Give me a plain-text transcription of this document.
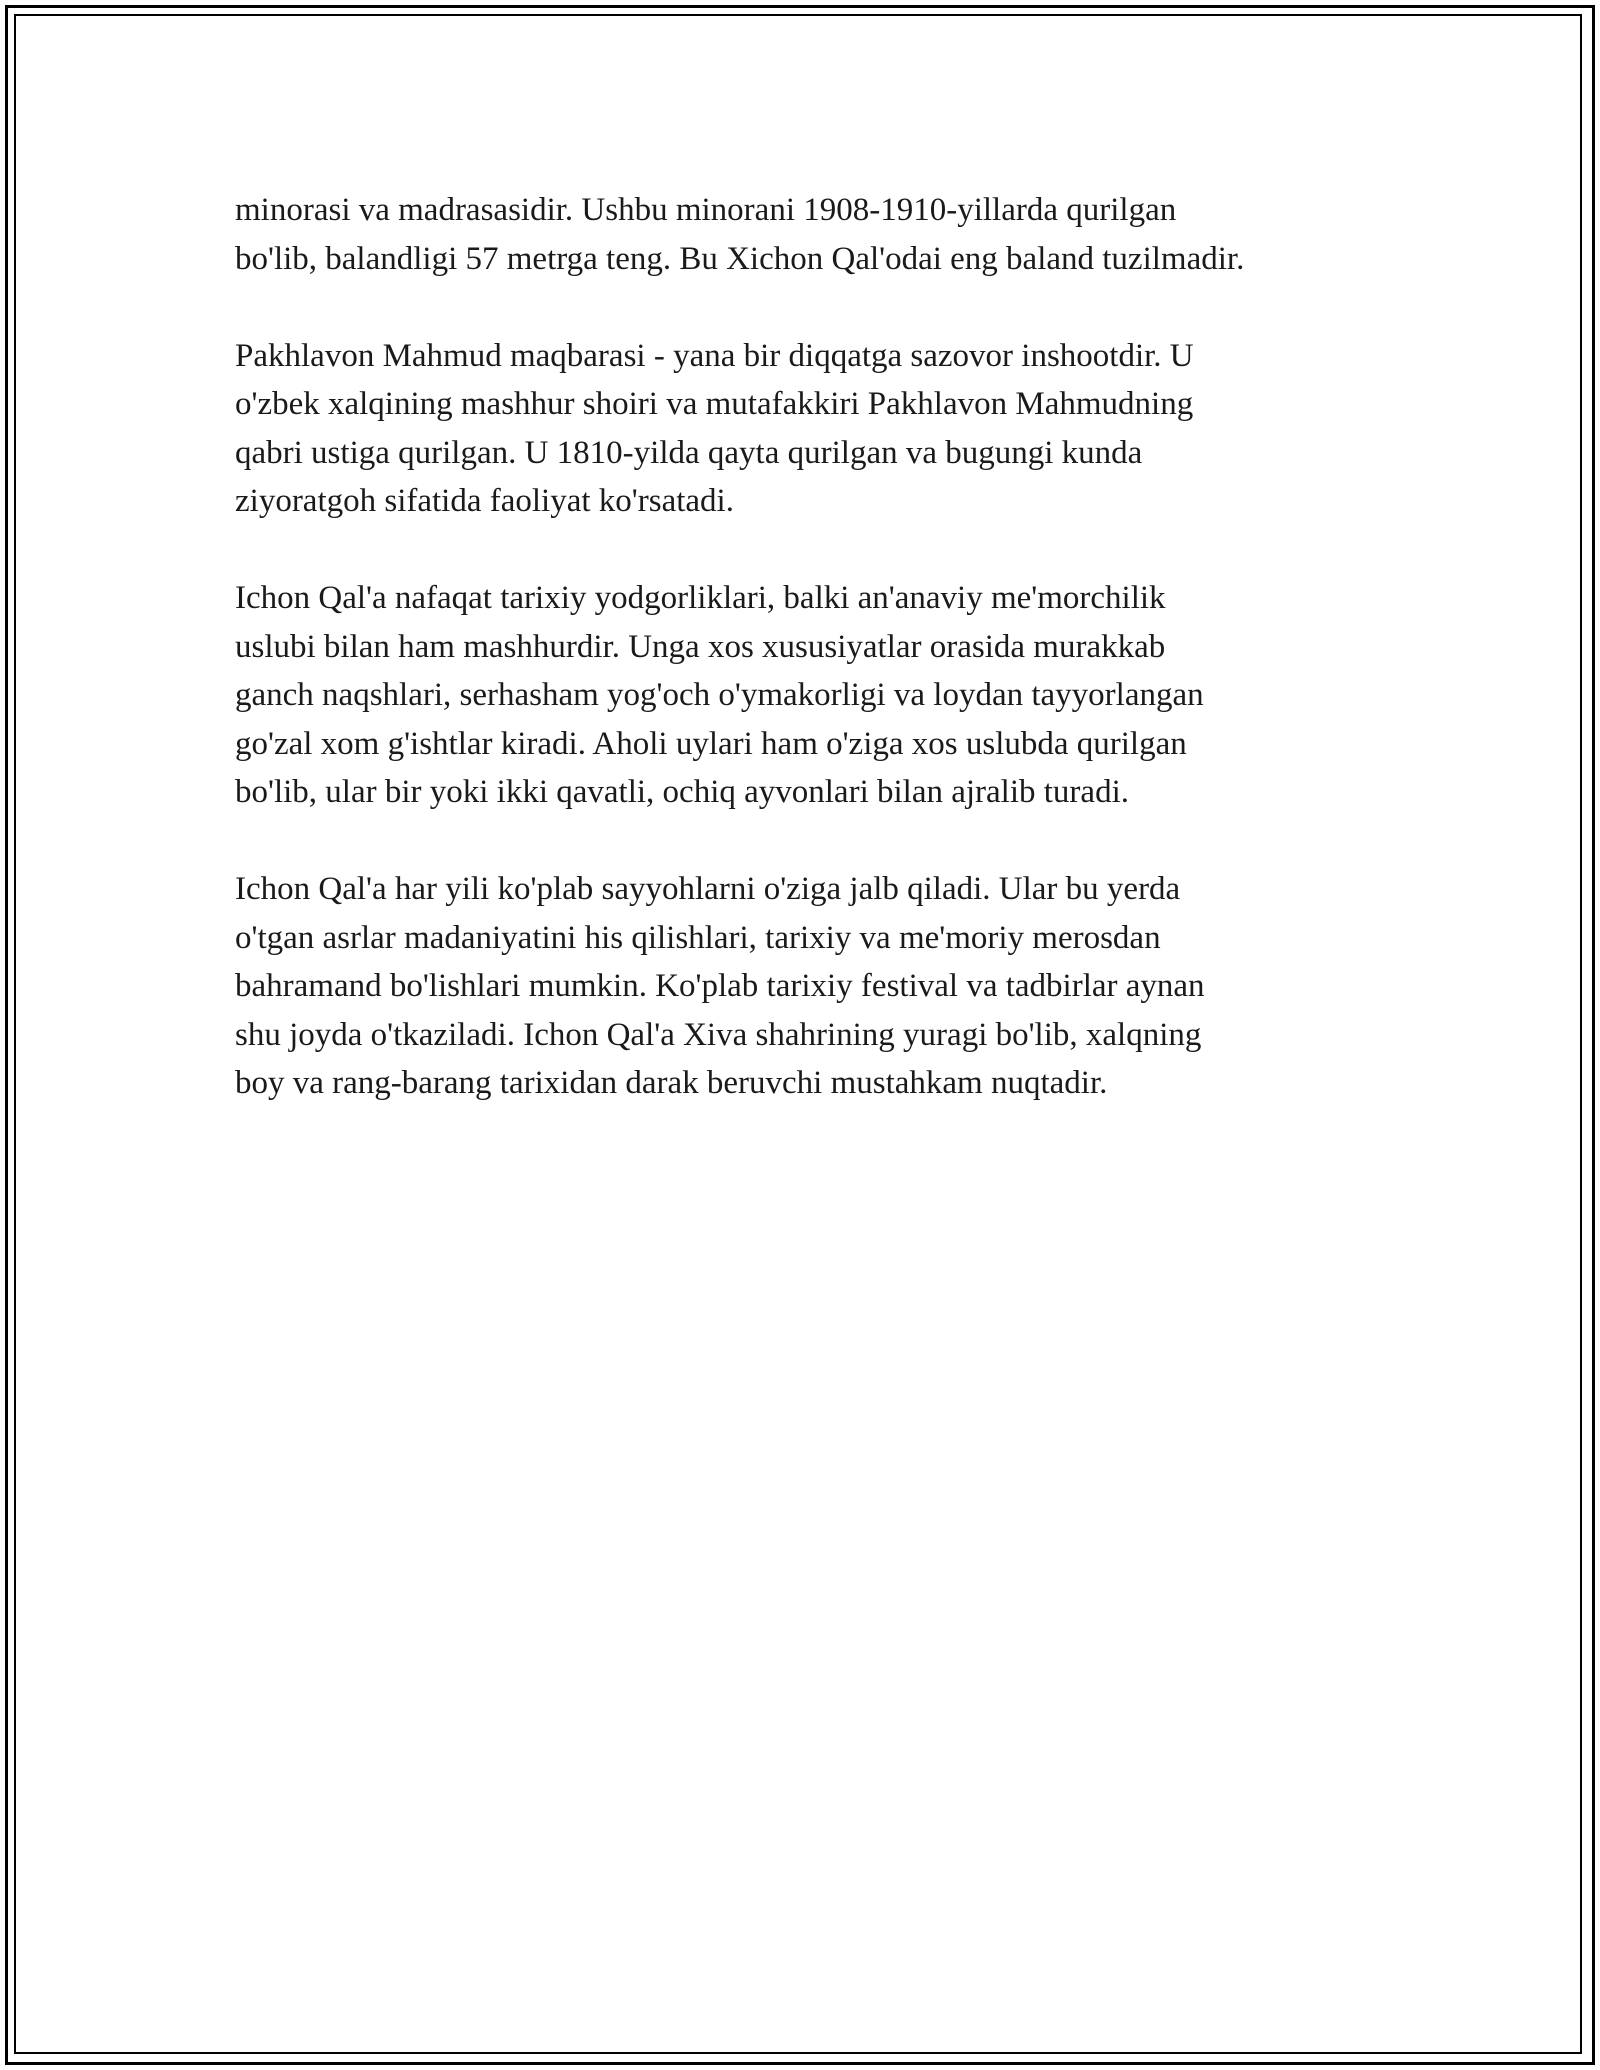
minorasi va madrasasidir. Ushbu minorani 1908-1910-yillarda qurilgan
bo'lib, balandligi 57 metrga teng. Bu Xichon Qal'odai eng baland tuzilmadir.

Pakhlavon Mahmud maqbarasi - yana bir diqqatga sazovor inshootdir. U
o'zbek xalqining mashhur shoiri va mutafakkiri Pakhlavon Mahmudning
qabri ustiga qurilgan. U 1810-yilda qayta qurilgan va bugungi kunda
ziyoratgoh sifatida faoliyat ko'rsatadi.

Ichon Qal'a nafaqat tarixiy yodgorliklari, balki an'anaviy me'morchilik
uslubi bilan ham mashhurdir. Unga xos xususiyatlar orasida murakkab
ganch naqshlari, serhasham yog'och o'ymakorligi va loydan tayyorlangan
go'zal xom g'ishtlar kiradi. Aholi uylari ham o'ziga xos uslubda qurilgan
bo'lib, ular bir yoki ikki qavatli, ochiq ayvonlari bilan ajralib turadi.

Ichon Qal'a har yili ko'plab sayyohlarni o'ziga jalb qiladi. Ular bu yerda
o'tgan asrlar madaniyatini his qilishlari, tarixiy va me'moriy merosdan
bahramand bo'lishlari mumkin. Ko'plab tarixiy festival va tadbirlar aynan
shu joyda o'tkaziladi. Ichon Qal'a Xiva shahrining yuragi bo'lib, xalqning
boy va rang-barang tarixidan darak beruvchi mustahkam nuqtadir.
